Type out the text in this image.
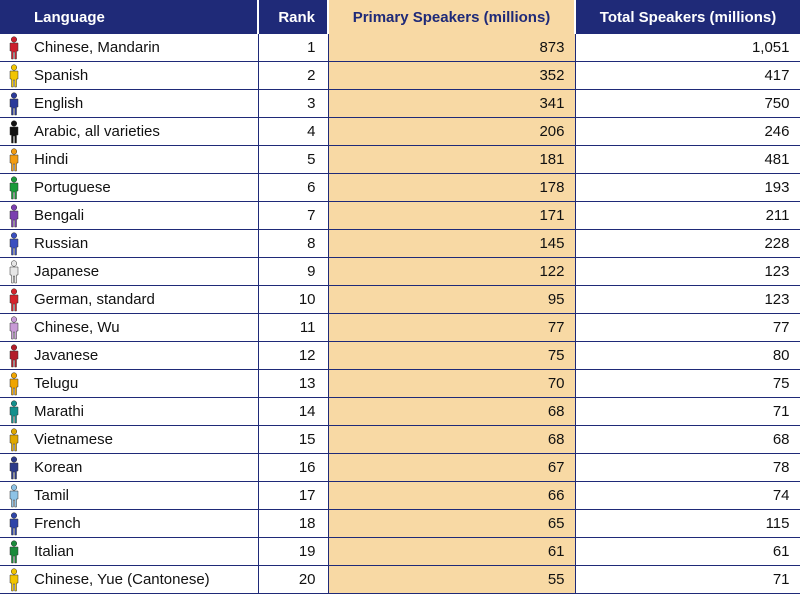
	Language	Rank	Primary Speakers (millions)	Total Speakers (millions)
	Chinese, Mandarin	1	873	1,051
	Spanish	2	352	417
	English	3	341	750
	Arabic, all varieties	4	206	246
	Hindi	5	181	481
	Portuguese	6	178	193
	Bengali	7	171	211
	Russian	8	145	228
	Japanese	9	122	123
	German, standard	10	95	123
	Chinese, Wu	11	77	77
	Javanese	12	75	80
	Telugu	13	70	75
	Marathi	14	68	71
	Vietnamese	15	68	68
	Korean	16	67	78
	Tamil	17	66	74
	French	18	65	115
	Italian	19	61	61
	Chinese, Yue (Cantonese)	20	55	71
